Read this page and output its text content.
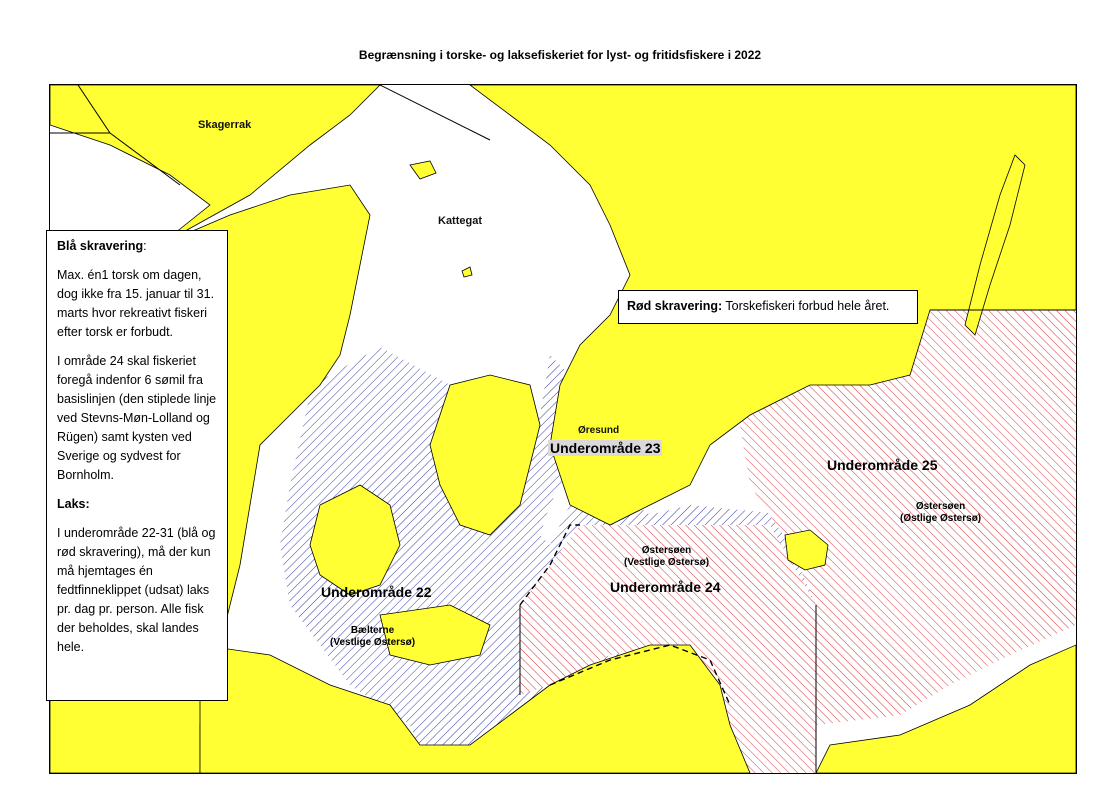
Begrænsning i torske- og laksefiskeriet for lyst- og fritidsfiskere i 2022
Skagerrak
Kattegat
Øresund
Underområde 23
Underområde 25
Underområde 24
Underområde 22
Østersøen
(Østlige Østersø)
Østersøen
(Vestlige Østersø)
Bælterne
(Vestlige Østersø)

Blå skravering:

Max. én1 torsk om dagen, dog ikke fra 15. januar til 31. marts hvor rekreativt fiskeri efter torsk er forbudt.

I område 24 skal fiskeriet foregå indenfor 6 sømil fra basislinjen (den stiplede linje ved Stevns-Møn-Lolland og Rügen) samt kysten ved Sverige og sydvest for Bornholm.

Laks:

I underområde 22-31 (blå og rød skravering), må der kun må hjemtages én fedtfinneklippet (udsat) laks pr. dag pr. person. Alle fisk der beholdes, skal landes hele.

Rød skravering: Torskefiskeri forbud hele året.
